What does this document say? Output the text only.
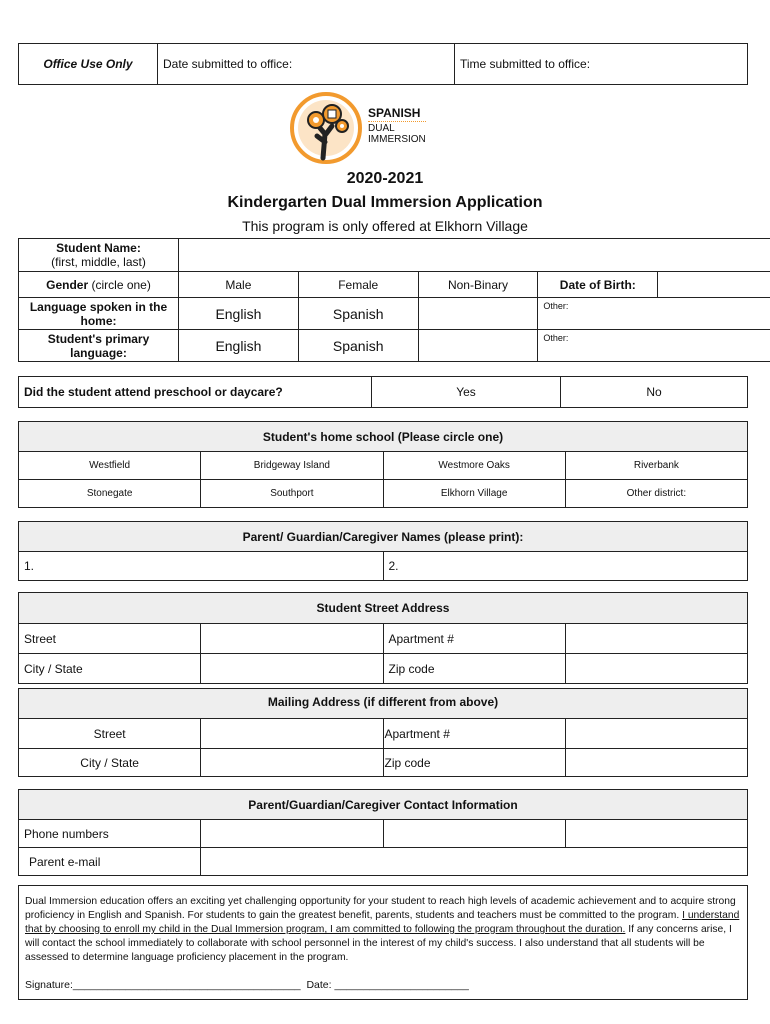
Office Use Only	Date submitted to office:	Time submitted to office:
SPANISH
DUAL
IMMERSION
2020-2021
Kindergarten Dual Immersion Application
This program is only offered at Elkhorn Village
Student Name:
(first, middle, last)					
Gender (circle one)	Male	Female	Non-Binary	Date of Birth:	
Language spoken in the home:	English	Spanish		Other:	
Student's primary language:	English	Spanish		Other:	
Did the student attend preschool or daycare?	Yes	No
Student's home school (Please circle one)			
Westfield	Bridgeway Island	Westmore Oaks	Riverbank
Stonegate	Southport	Elkhorn Village	Other district:
Parent/ Guardian/Caregiver Names (please print):
1.	2.
Student Street Address			
Street		Apartment #	
City / State		Zip code	
Mailing Address (if different from above)			
Street		Apartment #	
City / State		Zip code	
Parent/Guardian/Caregiver Contact Information			
Phone numbers			
Parent e-mail			
Dual Immersion education offers an exciting yet challenging opportunity for your student to reach high levels of academic achievement and to acquire strong proficiency in English and Spanish. For students to gain the greatest benefit, parents, students and teachers must be committed to the program. I understand that by choosing to enroll my child in the Dual Immersion program, I am committed to following the program throughout the duration. If any concerns arise, I will contact the school immediately to collaborate with school personnel in the interest of my child's success. I also understand that all students will be assessed to determine language proficiency placement in the program.
Signature:_______________________________________ Date: _______________________
